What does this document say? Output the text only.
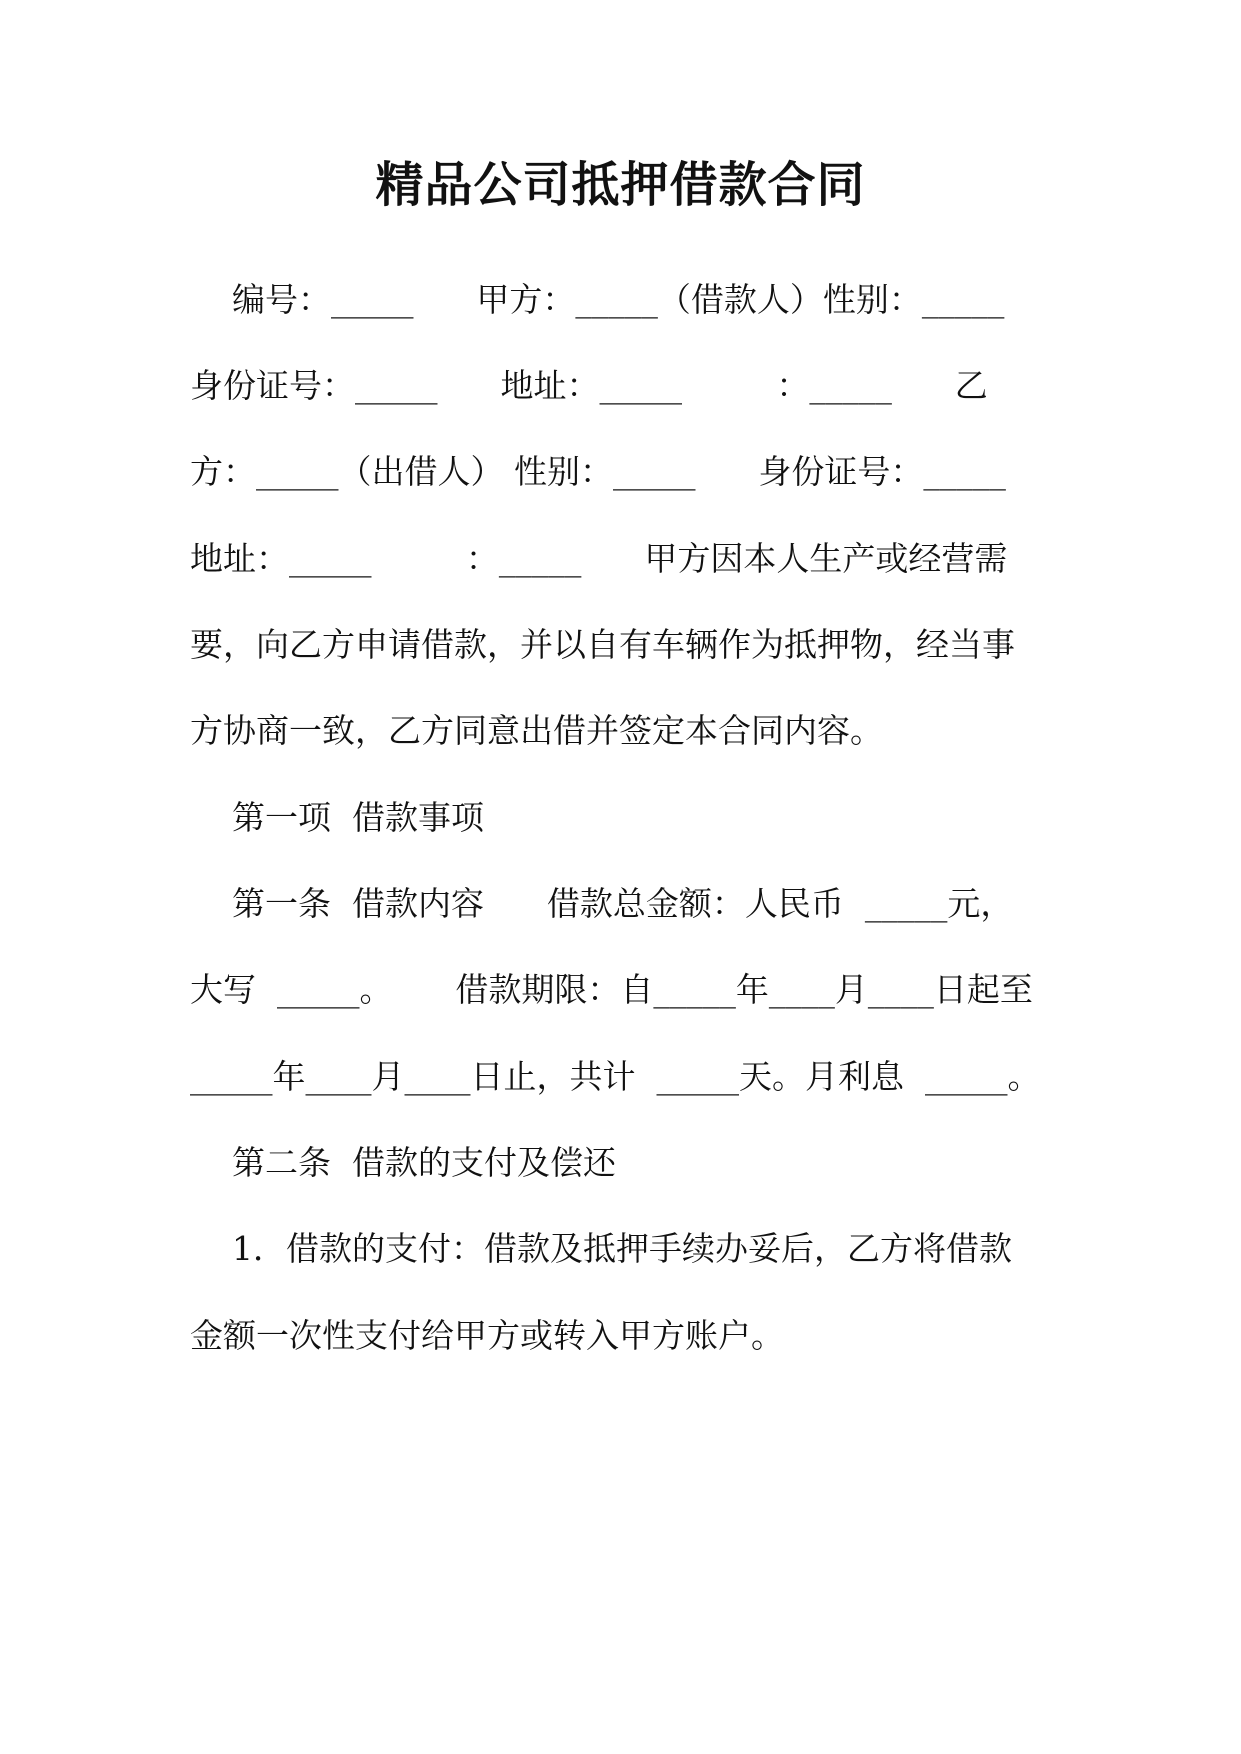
精品公司抵押借款合同
编号：_____      甲方：_____（借款人）性别：_____
身份证号：_____      地址：_____         ：_____      乙
方：_____（出借人） 性别：_____      身份证号：_____
地址：_____         ：_____      甲方因本人生产或经营需
要，向乙方申请借款，并以自有车辆作为抵押物，经当事
方协商一致，乙方同意出借并签定本合同内容。
第一项  借款事项
第一条  借款内容      借款总金额：人民币  _____元，
大写  _____。      借款期限：自_____年____月____日起至
_____年____月____日止，共计  _____天。月利息  _____。
第二条  借款的支付及偿还
1．借款的支付：借款及抵押手续办妥后，乙方将借款
金额一次性支付给甲方或转入甲方账户。
